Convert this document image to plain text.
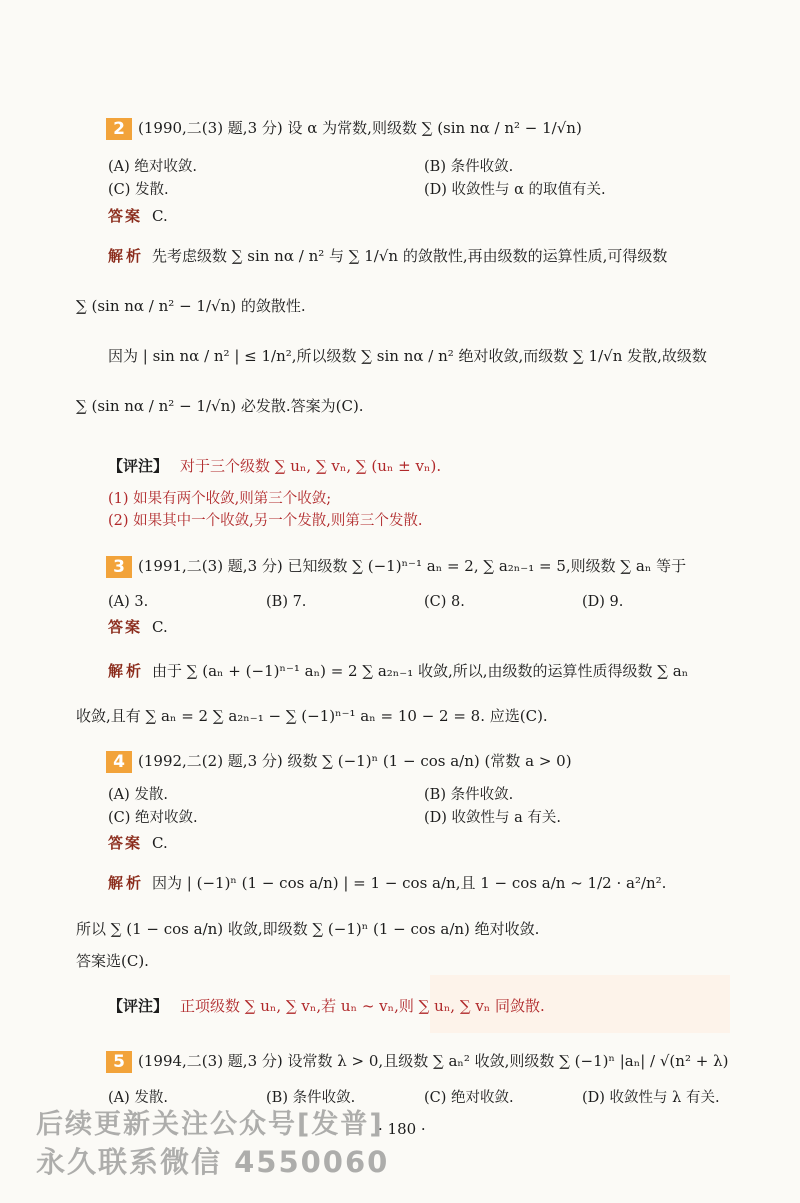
2 (1990,二(3) 题,3 分) 设 α 为常数,则级数 ∑ (sin nα / n² − 1/√n)
(A) 绝对收敛.	(B) 条件收敛.
(C) 发散.	(D) 收敛性与 α 的取值有关.
答案 C.
解析 先考虑级数 ∑ sin nα / n² 与 ∑ 1/√n 的敛散性,再由级数的运算性质,可得级数
∑ (sin nα / n² − 1/√n) 的敛散性.
因为 | sin nα / n² | ≤ 1/n²,所以级数 ∑ sin nα / n² 绝对收敛,而级数 ∑ 1/√n 发散,故级数
∑ (sin nα / n² − 1/√n) 必发散.答案为(C).
【评注】 对于三个级数 ∑ uₙ, ∑ vₙ, ∑ (uₙ ± vₙ).
(1) 如果有两个收敛,则第三个收敛;
(2) 如果其中一个收敛,另一个发散,则第三个发散.
3 (1991,二(3) 题,3 分) 已知级数 ∑ (−1)ⁿ⁻¹ aₙ = 2, ∑ a₂ₙ₋₁ = 5,则级数 ∑ aₙ 等于
(A) 3.	(B) 7.	(C) 8.	(D) 9.
答案 C.
解析 由于 ∑ (aₙ + (−1)ⁿ⁻¹ aₙ) = 2 ∑ a₂ₙ₋₁ 收敛,所以,由级数的运算性质得级数 ∑ aₙ
收敛,且有 ∑ aₙ = 2 ∑ a₂ₙ₋₁ − ∑ (−1)ⁿ⁻¹ aₙ = 10 − 2 = 8. 应选(C).
4 (1992,二(2) 题,3 分) 级数 ∑ (−1)ⁿ (1 − cos a/n) (常数 a > 0)
(A) 发散.	(B) 条件收敛.
(C) 绝对收敛.	(D) 收敛性与 a 有关.
答案 C.
解析 因为 | (−1)ⁿ (1 − cos a/n) | = 1 − cos a/n,且 1 − cos a/n ~ 1/2 · a²/n².
所以 ∑ (1 − cos a/n) 收敛,即级数 ∑ (−1)ⁿ (1 − cos a/n) 绝对收敛.
答案选(C).
【评注】 正项级数 ∑ uₙ, ∑ vₙ,若 uₙ ~ vₙ,则 ∑ uₙ, ∑ vₙ 同敛散.
5 (1994,二(3) 题,3 分) 设常数 λ > 0,且级数 ∑ aₙ² 收敛,则级数 ∑ (−1)ⁿ |aₙ| / √(n² + λ)
(A) 发散.	(B) 条件收敛.	(C) 绝对收敛.	(D) 收敛性与 λ 有关.
· 180 ·
后续更新关注公众号[发普]
永久联系微信 4550060
